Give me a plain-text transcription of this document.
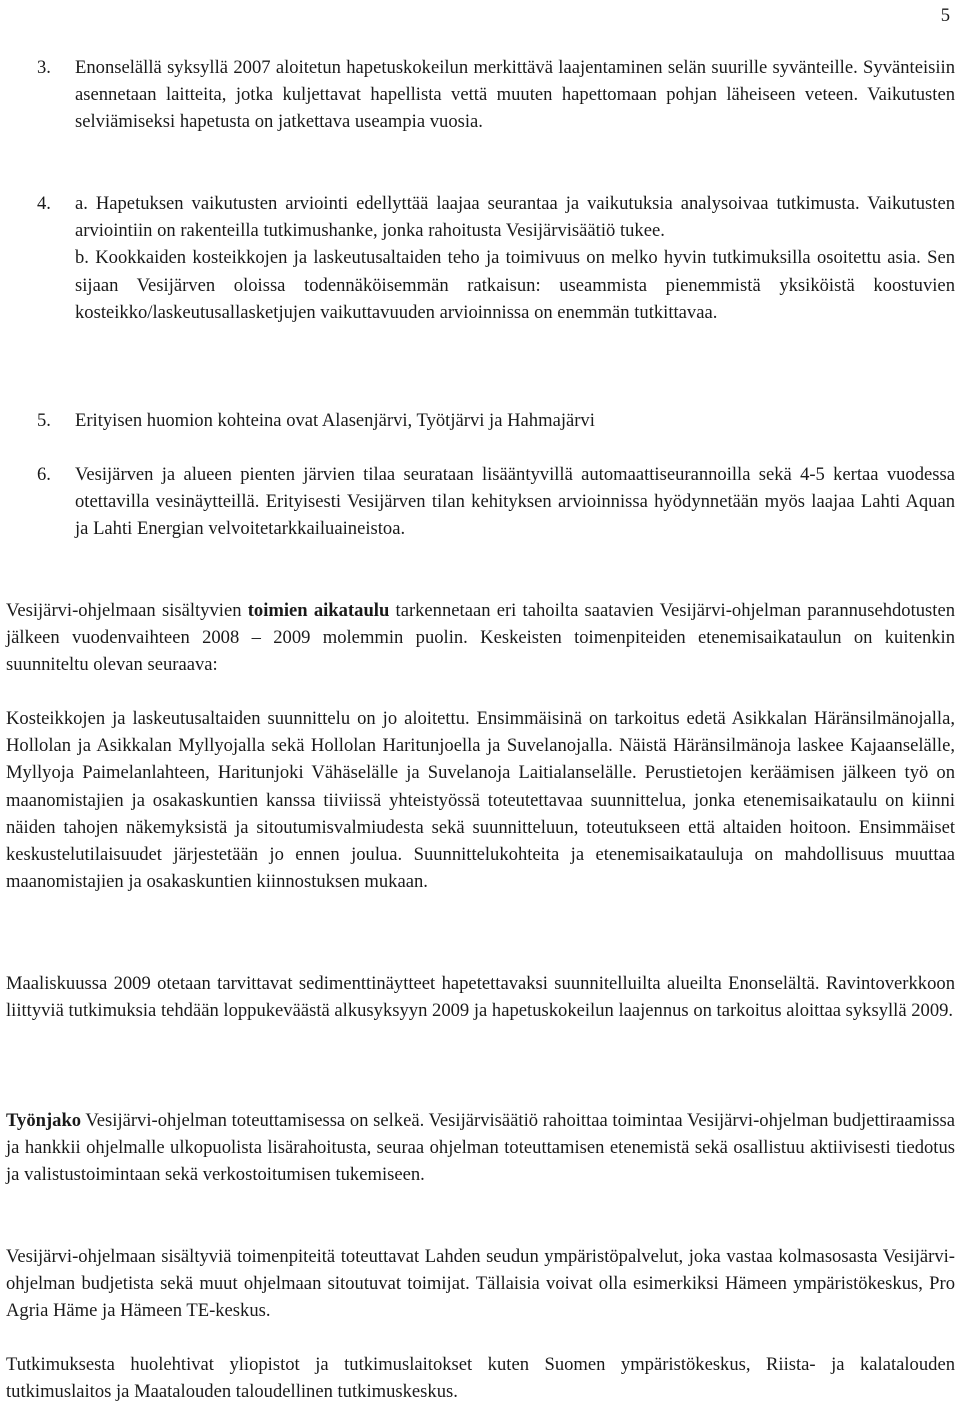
5
3. Enonselällä syksyllä 2007 aloitetun hapetuskokeilun merkittävä laajentaminen selän suurille syvänteille. Syvänteisiin asennetaan laitteita, jotka kuljettavat hapellista vettä muuten hapettomaan pohjan läheiseen veteen. Vaikutusten selviämiseksi hapetusta on jatkettava useampia vuosia.

4. a. Hapetuksen vaikutusten arviointi edellyttää laajaa seurantaa ja vaikutuksia analysoivaa tutkimusta. Vaikutusten arviointiin on rakenteilla tutkimushanke, jonka rahoitusta Vesijärvisäätiö tukee.

b. Kookkaiden kosteikkojen ja laskeutusaltaiden teho ja toimivuus on melko hyvin tutkimuksilla osoitettu asia. Sen sijaan Vesijärven oloissa todennäköisemmän ratkaisun: useammista pienemmistä yksiköistä koostuvien kosteikko/laskeutusallasketjujen vaikuttavuuden arvioinnissa on enemmän tutkittavaa.

5. Erityisen huomion kohteina ovat Alasenjärvi, Työtjärvi ja Hahmajärvi

6. Vesijärven ja alueen pienten järvien tilaa seurataan lisääntyvillä automaattiseurannoilla sekä 4-5 kertaa vuodessa otettavilla vesinäytteillä. Erityisesti Vesijärven tilan kehityksen arvioinnissa hyödynnetään myös laajaa Lahti Aquan ja Lahti Energian velvoitetarkkailuaineistoa.

Vesijärvi-ohjelmaan sisältyvien toimien aikataulu tarkennetaan eri tahoilta saatavien Vesijärvi-ohjelman parannusehdotusten jälkeen vuodenvaihteen 2008 – 2009 molemmin puolin. Keskeisten toimenpiteiden etenemisaikataulun on kuitenkin suunniteltu olevan seuraava:

Kosteikkojen ja laskeutusaltaiden suunnittelu on jo aloitettu. Ensimmäisinä on tarkoitus edetä Asikkalan Häränsilmänojalla, Hollolan ja Asikkalan Myllyojalla sekä Hollolan Haritunjoella ja Suvelanojalla. Näistä Häränsilmänoja laskee Kajaanselälle, Myllyoja Paimelanlahteen, Haritunjoki Vähäselälle ja Suvelanoja Laitialanselälle. Perustietojen keräämisen jälkeen työ on maanomistajien ja osakaskuntien kanssa tiiviissä yhteistyössä toteutettavaa suunnittelua, jonka etenemisaikataulu on kiinni näiden tahojen näkemyksistä ja sitoutumisvalmiudesta sekä suunnitteluun, toteutukseen että altaiden hoitoon. Ensimmäiset keskustelutilaisuudet järjestetään jo ennen joulua. Suunnittelukohteita ja etenemisaikatauluja on mahdollisuus muuttaa maanomistajien ja osakaskuntien kiinnostuksen mukaan.

Maaliskuussa 2009 otetaan tarvittavat sedimenttinäytteet hapetettavaksi suunnitelluilta alueilta Enonselältä. Ravintoverkkoon liittyviä tutkimuksia tehdään loppukeväästä alkusyksyyn 2009 ja hapetuskokeilun laajennus on tarkoitus aloittaa syksyllä 2009.

Työnjako Vesijärvi-ohjelman toteuttamisessa on selkeä. Vesijärvisäätiö rahoittaa toimintaa Vesijärvi-ohjelman budjettiraamissa ja hankkii ohjelmalle ulkopuolista lisärahoitusta, seuraa ohjelman toteuttamisen etenemistä sekä osallistuu aktiivisesti tiedotus ja valistustoimintaan sekä verkostoitumisen tukemiseen.

Vesijärvi-ohjelmaan sisältyviä toimenpiteitä toteuttavat Lahden seudun ympäristöpalvelut, joka vastaa kolmasosasta Vesijärvi-ohjelman budjetista sekä muut ohjelmaan sitoutuvat toimijat. Tällaisia voivat olla esimerkiksi Hämeen ympäristökeskus, Pro Agria Häme ja Hämeen TE-keskus.

Tutkimuksesta huolehtivat yliopistot ja tutkimuslaitokset kuten Suomen ympäristökeskus, Riista- ja kalatalouden tutkimuslaitos ja Maatalouden taloudellinen tutkimuskeskus.
